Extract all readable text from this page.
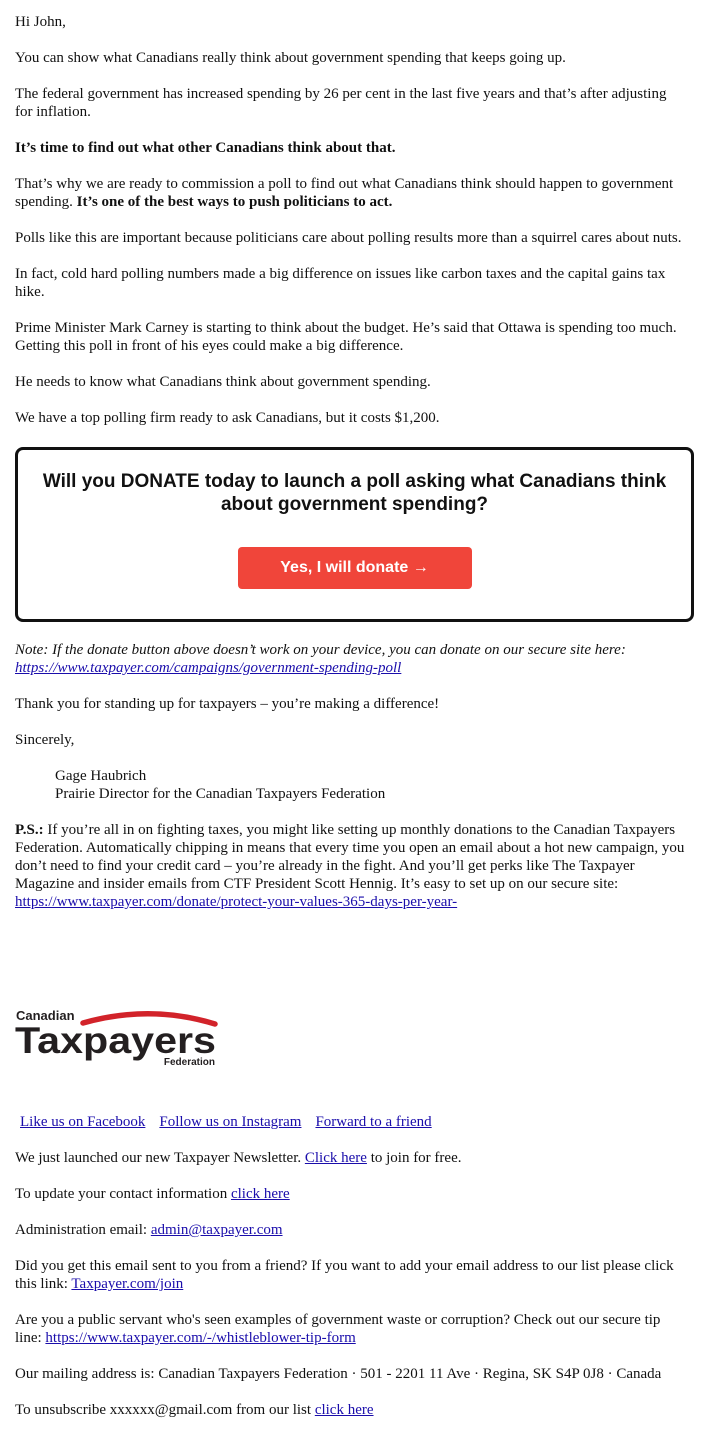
Hi John,

You can show what Canadians really think about government spending that keeps going up.

The federal government has increased spending by 26 per cent in the last five years and that’s after adjusting for inflation.

It’s time to find out what other Canadians think about that.

That’s why we are ready to commission a poll to find out what Canadians think should happen to government spending. It’s one of the best ways to push politicians to act.

Polls like this are important because politicians care about polling results more than a squirrel cares about nuts.

In fact, cold hard polling numbers made a big difference on issues like carbon taxes and the capital gains tax hike.

Prime Minister Mark Carney is starting to think about the budget. He’s said that Ottawa is spending too much. Getting this poll in front of his eyes could make a big difference.

He needs to know what Canadians think about government spending.

We have a top polling firm ready to ask Canadians, but it costs $1,200.

Will you DONATE today to launch a poll asking what Canadians think about government spending?
Yes, I will donate →

Note: If the donate button above doesn’t work on your device, you can donate on our secure site here:
https://www.taxpayer.com/campaigns/government-spending-poll

Thank you for standing up for taxpayers – you’re making a difference!

Sincerely,

Gage Haubrich
Prairie Director for the Canadian Taxpayers Federation

P.S.: If you’re all in on fighting taxes, you might like setting up monthly donations to the Canadian Taxpayers Federation. Automatically chipping in means that every time you open an email about a hot new campaign, you don’t need to find your credit card – you’re already in the fight. And you’ll get perks like The Taxpayer Magazine and insider emails from CTF President Scott Hennig. It’s easy to set up on our secure site: https://www.taxpayer.com/donate/protect-your-values-365-days-per-year-

Canadian
Taxpayers
Federation

Like us on Facebook Follow us on Instagram Forward to a friend

We just launched our new Taxpayer Newsletter. Click here to join for free.

To update your contact information click here

Administration email: admin@taxpayer.com

Did you get this email sent to you from a friend? If you want to add your email address to our list please click this link: Taxpayer.com/join

Are you a public servant who's seen examples of government waste or corruption? Check out our secure tip line: https://www.taxpayer.com/-/whistleblower-tip-form

Our mailing address is: Canadian Taxpayers Federation · 501 - 2201 11 Ave · Regina, SK S4P 0J8 · Canada

To unsubscribe xxxxxx@gmail.com from our list click here
